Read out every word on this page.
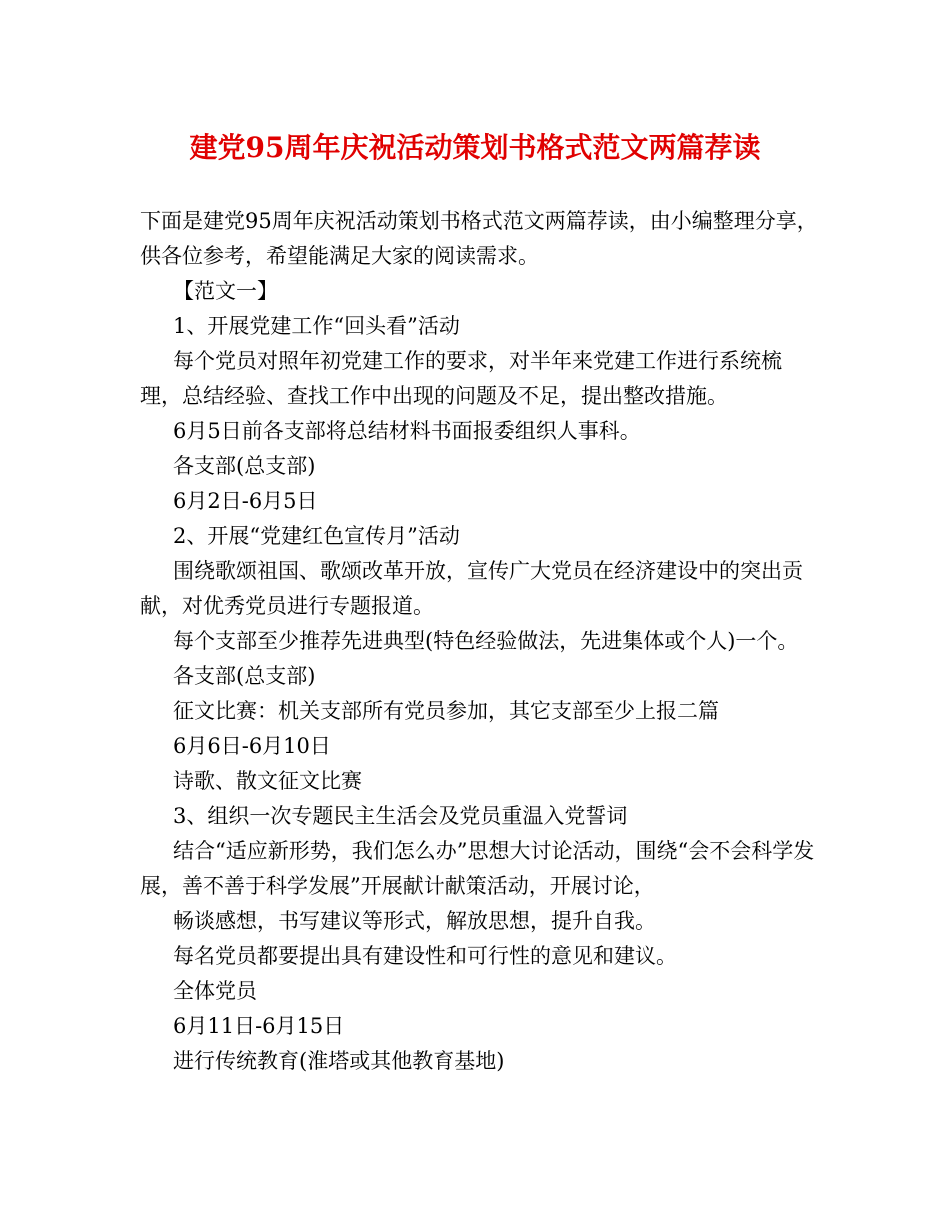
建党95周年庆祝活动策划书格式范文两篇荐读

下面是建党95周年庆祝活动策划书格式范文两篇荐读，由小编整理分享，供各位参考，希望能满足大家的阅读需求。

【范文一】

1、开展党建工作“回头看”活动

每个党员对照年初党建工作的要求，对半年来党建工作进行系统梳理，总结经验、查找工作中出现的问题及不足，提出整改措施。

6月5日前各支部将总结材料书面报委组织人事科。

各支部(总支部)

6月2日-6月5日

2、开展“党建红色宣传月”活动

围绕歌颂祖国、歌颂改革开放，宣传广大党员在经济建设中的突出贡献，对优秀党员进行专题报道。

每个支部至少推荐先进典型(特色经验做法，先进集体或个人)一个。

各支部(总支部)

征文比赛：机关支部所有党员参加，其它支部至少上报二篇

6月6日-6月10日

诗歌、散文征文比赛

3、组织一次专题民主生活会及党员重温入党誓词

结合“适应新形势，我们怎么办”思想大讨论活动，围绕“会不会科学发展，善不善于科学发展”开展献计献策活动，开展讨论，

畅谈感想，书写建议等形式，解放思想，提升自我。

每名党员都要提出具有建设性和可行性的意见和建议。

全体党员

6月11日-6月15日

进行传统教育(淮塔或其他教育基地)
